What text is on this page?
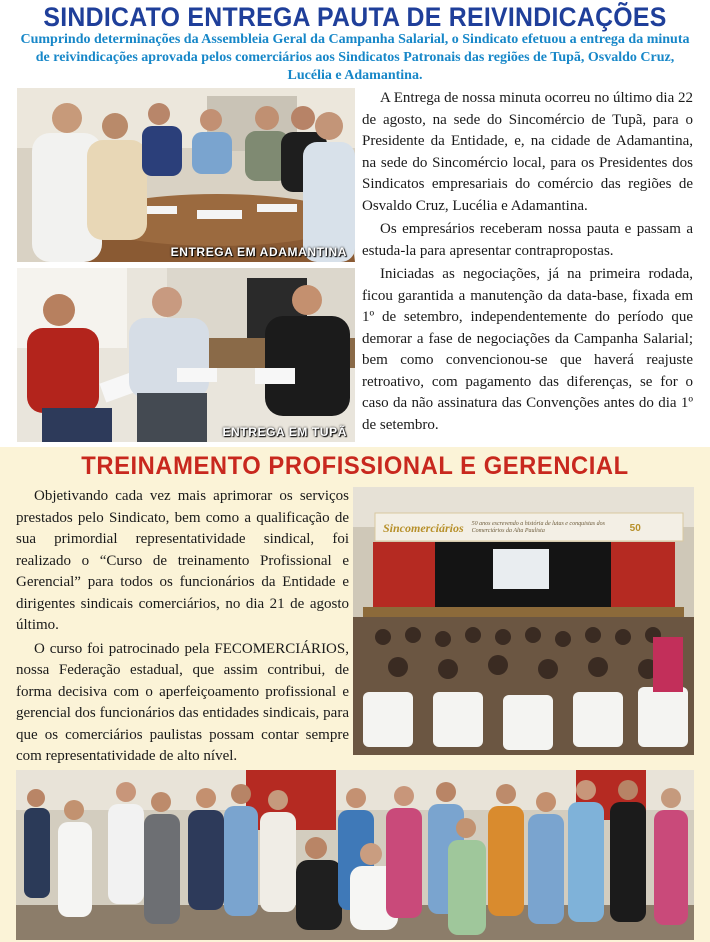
SINDICATO ENTREGA PAUTA DE REIVINDICAÇÕES

Cumprindo determinações da Assembleia Geral da Campanha Salarial, o Sindicato efetuou a entrega da minuta de reivindicações aprovada pelos comerciários aos Sindicatos Patronais das regiões de Tupã, Osvaldo Cruz, Lucélia e Adamantina.

ENTREGA EM ADAMANTINA
ENTREGA EM TUPÃ

A Entrega de nossa minuta ocorreu no último dia 22 de agosto, na sede do Sincomércio de Tupã, para o Presidente da Entidade, e, na cidade de Adamantina, na sede do Sincomércio local, para os Presidentes dos Sindicatos empresariais do comércio das regiões de Osvaldo Cruz, Lucélia e Adamantina.

Os empresários receberam nossa pauta e passam a estuda-la para apresentar contrapropostas.

Iniciadas as negociações, já na primeira rodada, ficou garantida a manutenção da data-base, fixada em 1º de setembro, independentemente do período que demorar a fase de negociações da Campanha Salarial; bem como convencionou-se que haverá reajuste retroativo, com pagamento das diferenças, se for o caso da não assinatura das Convenções antes do dia 1º de setembro.

TREINAMENTO PROFISSIONAL E GERENCIAL

Objetivando cada vez mais aprimorar os serviços prestados pelo Sindicato, bem como a qualificação de sua primordial representatividade sindical, foi realizado o “Curso de treinamento Profissional e Gerencial” para todos os funcionários da Entidade e dirigentes sindicais comerciários, no dia 21 de agosto último.

O curso foi patrocinado pela FECOMERCIÁRIOS, nossa Federação estadual, que assim contribui, de forma decisiva com o aperfeiçoamento profissional e gerencial dos funcionários das entidades sindicais, para que os comerciários paulistas possam contar sempre com representatividade de alto nível.

Sincomerciários 50 anos escrevendo a história de lutas e conquistas dos Comerciários da Alta Paulista	50
